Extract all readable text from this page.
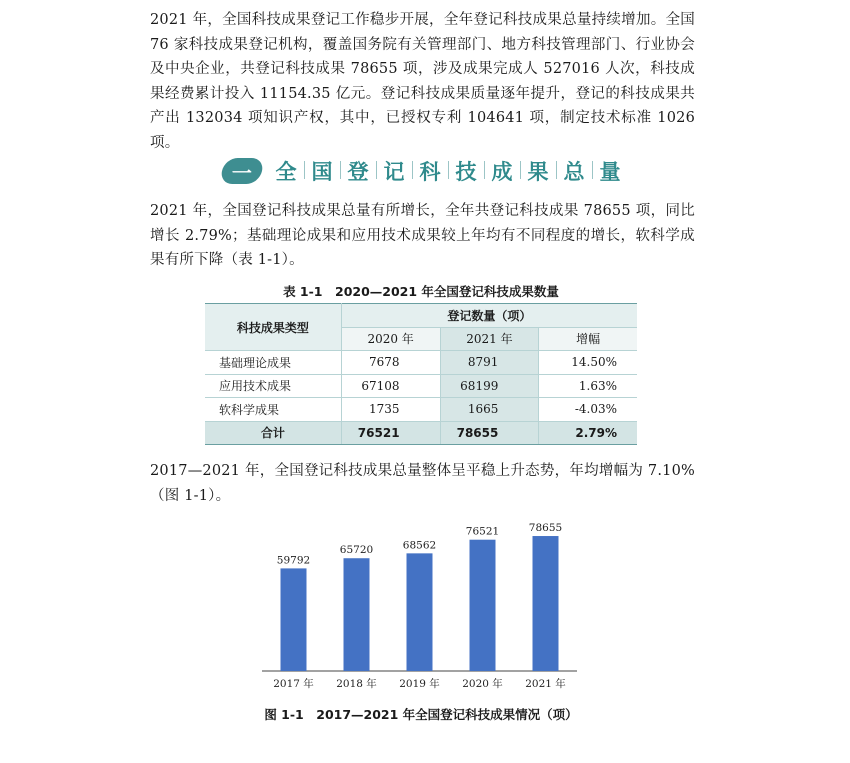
2021 年，全国科技成果登记工作稳步开展，全年登记科技成果总量持续增加。全国 76 家科技成果登记机构，覆盖国务院有关管理部门、地方科技管理部门、行业协会及中央企业，共登记科技成果 78655 项，涉及成果完成人 527016 人次，科技成果经费累计投入 11154.35 亿元。登记科技成果质量逐年提升，登记的科技成果共产出 132034 项知识产权，其中，已授权专利 104641 项，制定技术标准 1026 项。

一	全 国 登 记 科 技 成 果 总 量

2021 年，全国登记科技成果总量有所增长，全年共登记科技成果 78655 项，同比增长 2.79%；基础理论成果和应用技术成果较上年均有不同程度的增长，软科学成果有所下降（表 1-1）。

表 1-1　2020—2021 年全国登记科技成果数量
科技成果类型	登记数量（项）		
	2020 年	2021 年	增幅
基础理论成果	7678	8791	14.50%
应用技术成果	67108	68199	1.63%
软科学成果	1735	1665	-4.03%
合计	76521	78655	2.79%

2017—2021 年，全国登记科技成果总量整体呈平稳上升态势，年均增幅为 7.10%（图 1-1）。

59792
2017 年
65720
2018 年
68562
2019 年
76521
2020 年
78655
2021 年
图 1-1　2017—2021 年全国登记科技成果情况（项）
